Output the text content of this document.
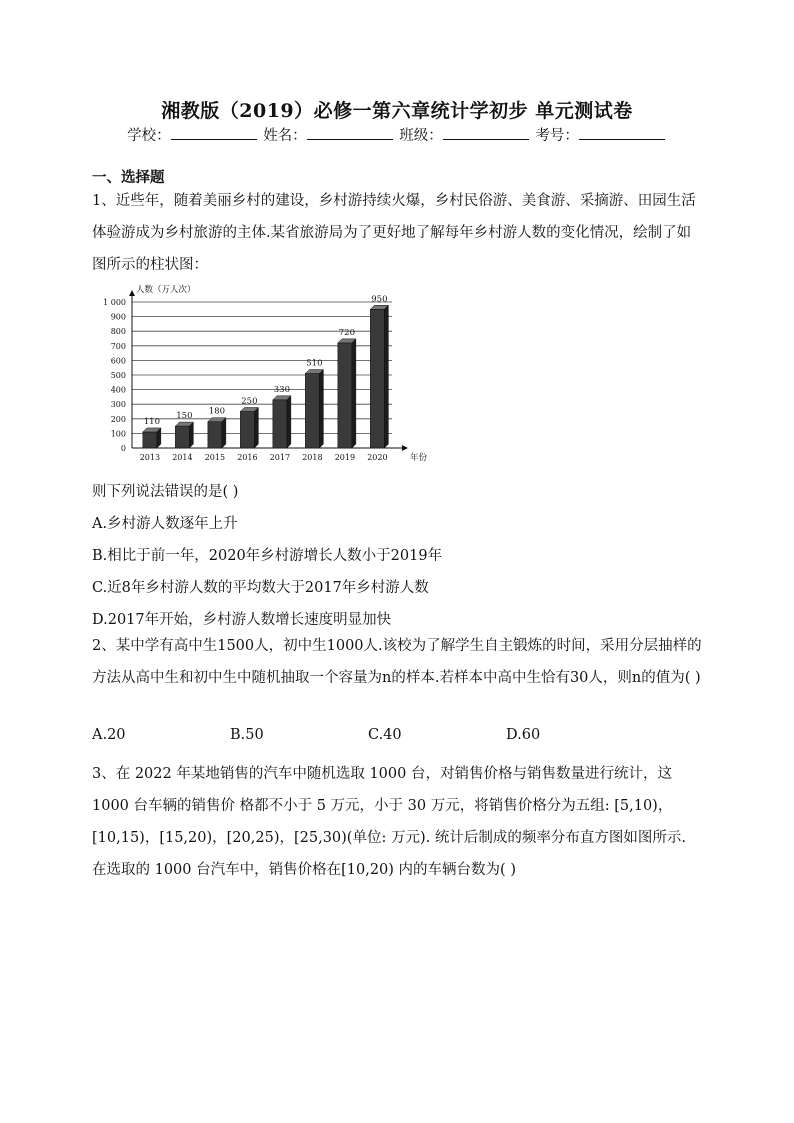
湘教版（2019）必修一第六章统计学初步 单元测试卷
学校：	姓名：	班级：	考号：
一、选择题
1、近些年，随着美丽乡村的建设，乡村游持续火爆，乡村民俗游、美食游、采摘游、田园生活体验游成为乡村旅游的主体.某省旅游局为了更好地了解每年乡村游人数的变化情况，绘制了如图所示的柱状图：
0
100
200
300
400
500
600
700
800
900
1 000
人数（万人次）
年份
110
2013
150
2014
180
2015
250
2016
330
2017
510
2018
720
2019
950
2020
则下列说法错误的是( )
A.乡村游人数逐年上升
B.相比于前一年，2020年乡村游增长人数小于2019年
C.近8年乡村游人数的平均数大于2017年乡村游人数
D.2017年开始，乡村游人数增长速度明显加快
2、某中学有高中生1500人，初中生1000人.该校为了解学生自主锻炼的时间，采用分层抽样的方法从高中生和初中生中随机抽取一个容量为n的样本.若样本中高中生恰有30人，则n的值为( )
A.20	B.50	C.40	D.60
3、在 2022 年某地销售的汽车中随机选取 1000 台，对销售价格与销售数量进行统计，这 1000 台车辆的销售价 格都不小于 5 万元，小于 30 万元，将销售价格分为五组: [5,10)，[10,15)，[15,20)，[20,25)，[25,30)(单位: 万元). 统计后制成的频率分布直方图如图所示. 在选取的 1000 台汽车中，销售价格在[10,20) 内的车辆台数为( )
